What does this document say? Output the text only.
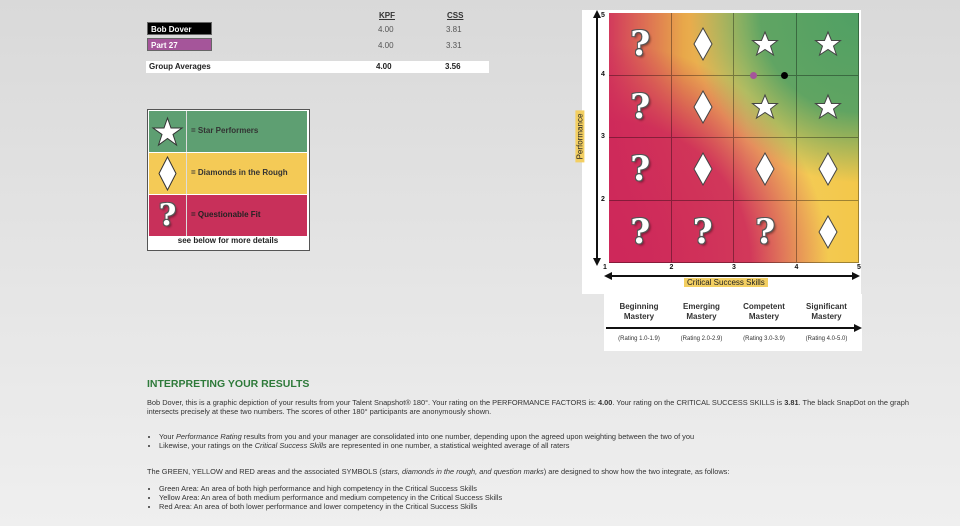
KPF	CSS
Bob Dover	4.00	3.81
Part 27	4.00	3.31
Group Averages	4.00	3.56
= Star Performers
= Diamonds in the Rough
?	= Questionable Fit
see below for more details
Performance
?
?
?
? ? ?
1	2	3	4	5
2
3
4
5
Critical Success Skills
Beginning Mastery
(Rating 1.0-1.9)
Emerging Mastery
(Rating 2.0-2.9)
Competent Mastery
(Rating 3.0-3.9)
Significant Mastery
(Rating 4.0-5.0)
INTERPRETING YOUR RESULTS
Bob Dover, this is a graphic depiction of your results from your Talent Snapshot® 180°. Your rating on the PERFORMANCE FACTORS is: 4.00. Your rating on the CRITICAL SUCCESS SKILLS is 3.81. The black SnapDot on the graph intersects precisely at these two numbers. The scores of other 180° participants are anonymously shown.
• Your Performance Rating results from you and your manager are consolidated into one number, depending upon the agreed upon weighting between the two of you
• Likewise, your ratings on the Critical Success Skills are represented in one number, a statistical weighted average of all raters
The GREEN, YELLOW and RED areas and the associated SYMBOLS (stars, diamonds in the rough, and question marks) are designed to show how the two integrate, as follows:
• Green Area: An area of both high performance and high competency in the Critical Success Skills
• Yellow Area: An area of both medium performance and medium competency in the Critical Success Skills
• Red Area: An area of both lower performance and lower competency in the Critical Success Skills
